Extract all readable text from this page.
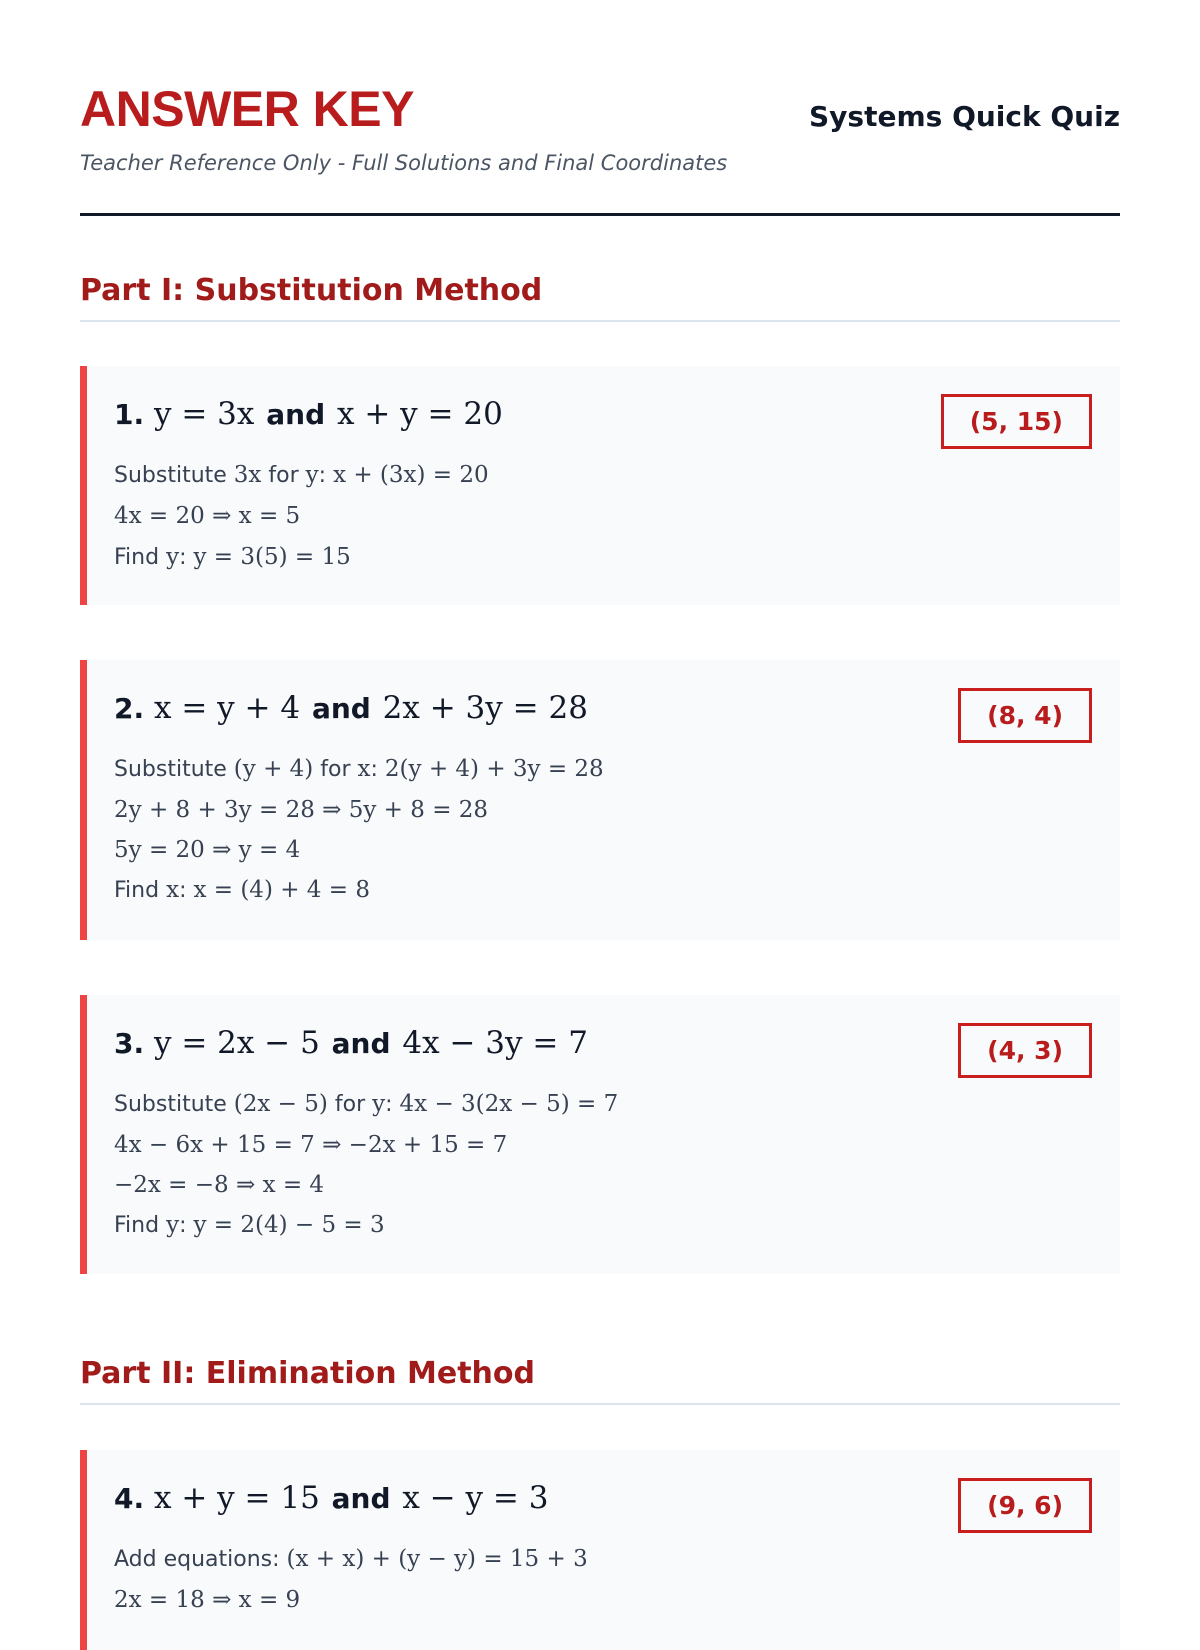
ANSWER KEY	Systems Quick Quiz
Teacher Reference Only - Full Solutions and Final Coordinates
Part I: Substitution Method
1. y = 3x and x + y = 20	(5, 15)
Substitute 3x for y: x + (3x) = 20
4x = 20 ⇒ x = 5
Find y: y = 3(5) = 15
2. x = y + 4 and 2x + 3y = 28	(8, 4)
Substitute (y + 4) for x: 2(y + 4) + 3y = 28
2y + 8 + 3y = 28 ⇒ 5y + 8 = 28
5y = 20 ⇒ y = 4
Find x: x = (4) + 4 = 8
3. y = 2x − 5 and 4x − 3y = 7	(4, 3)
Substitute (2x − 5) for y: 4x − 3(2x − 5) = 7
4x − 6x + 15 = 7 ⇒ −2x + 15 = 7
−2x = −8 ⇒ x = 4
Find y: y = 2(4) − 5 = 3
Part II: Elimination Method
4. x + y = 15 and x − y = 3	(9, 6)
Add equations: (x + x) + (y − y) = 15 + 3
2x = 18 ⇒ x = 9
